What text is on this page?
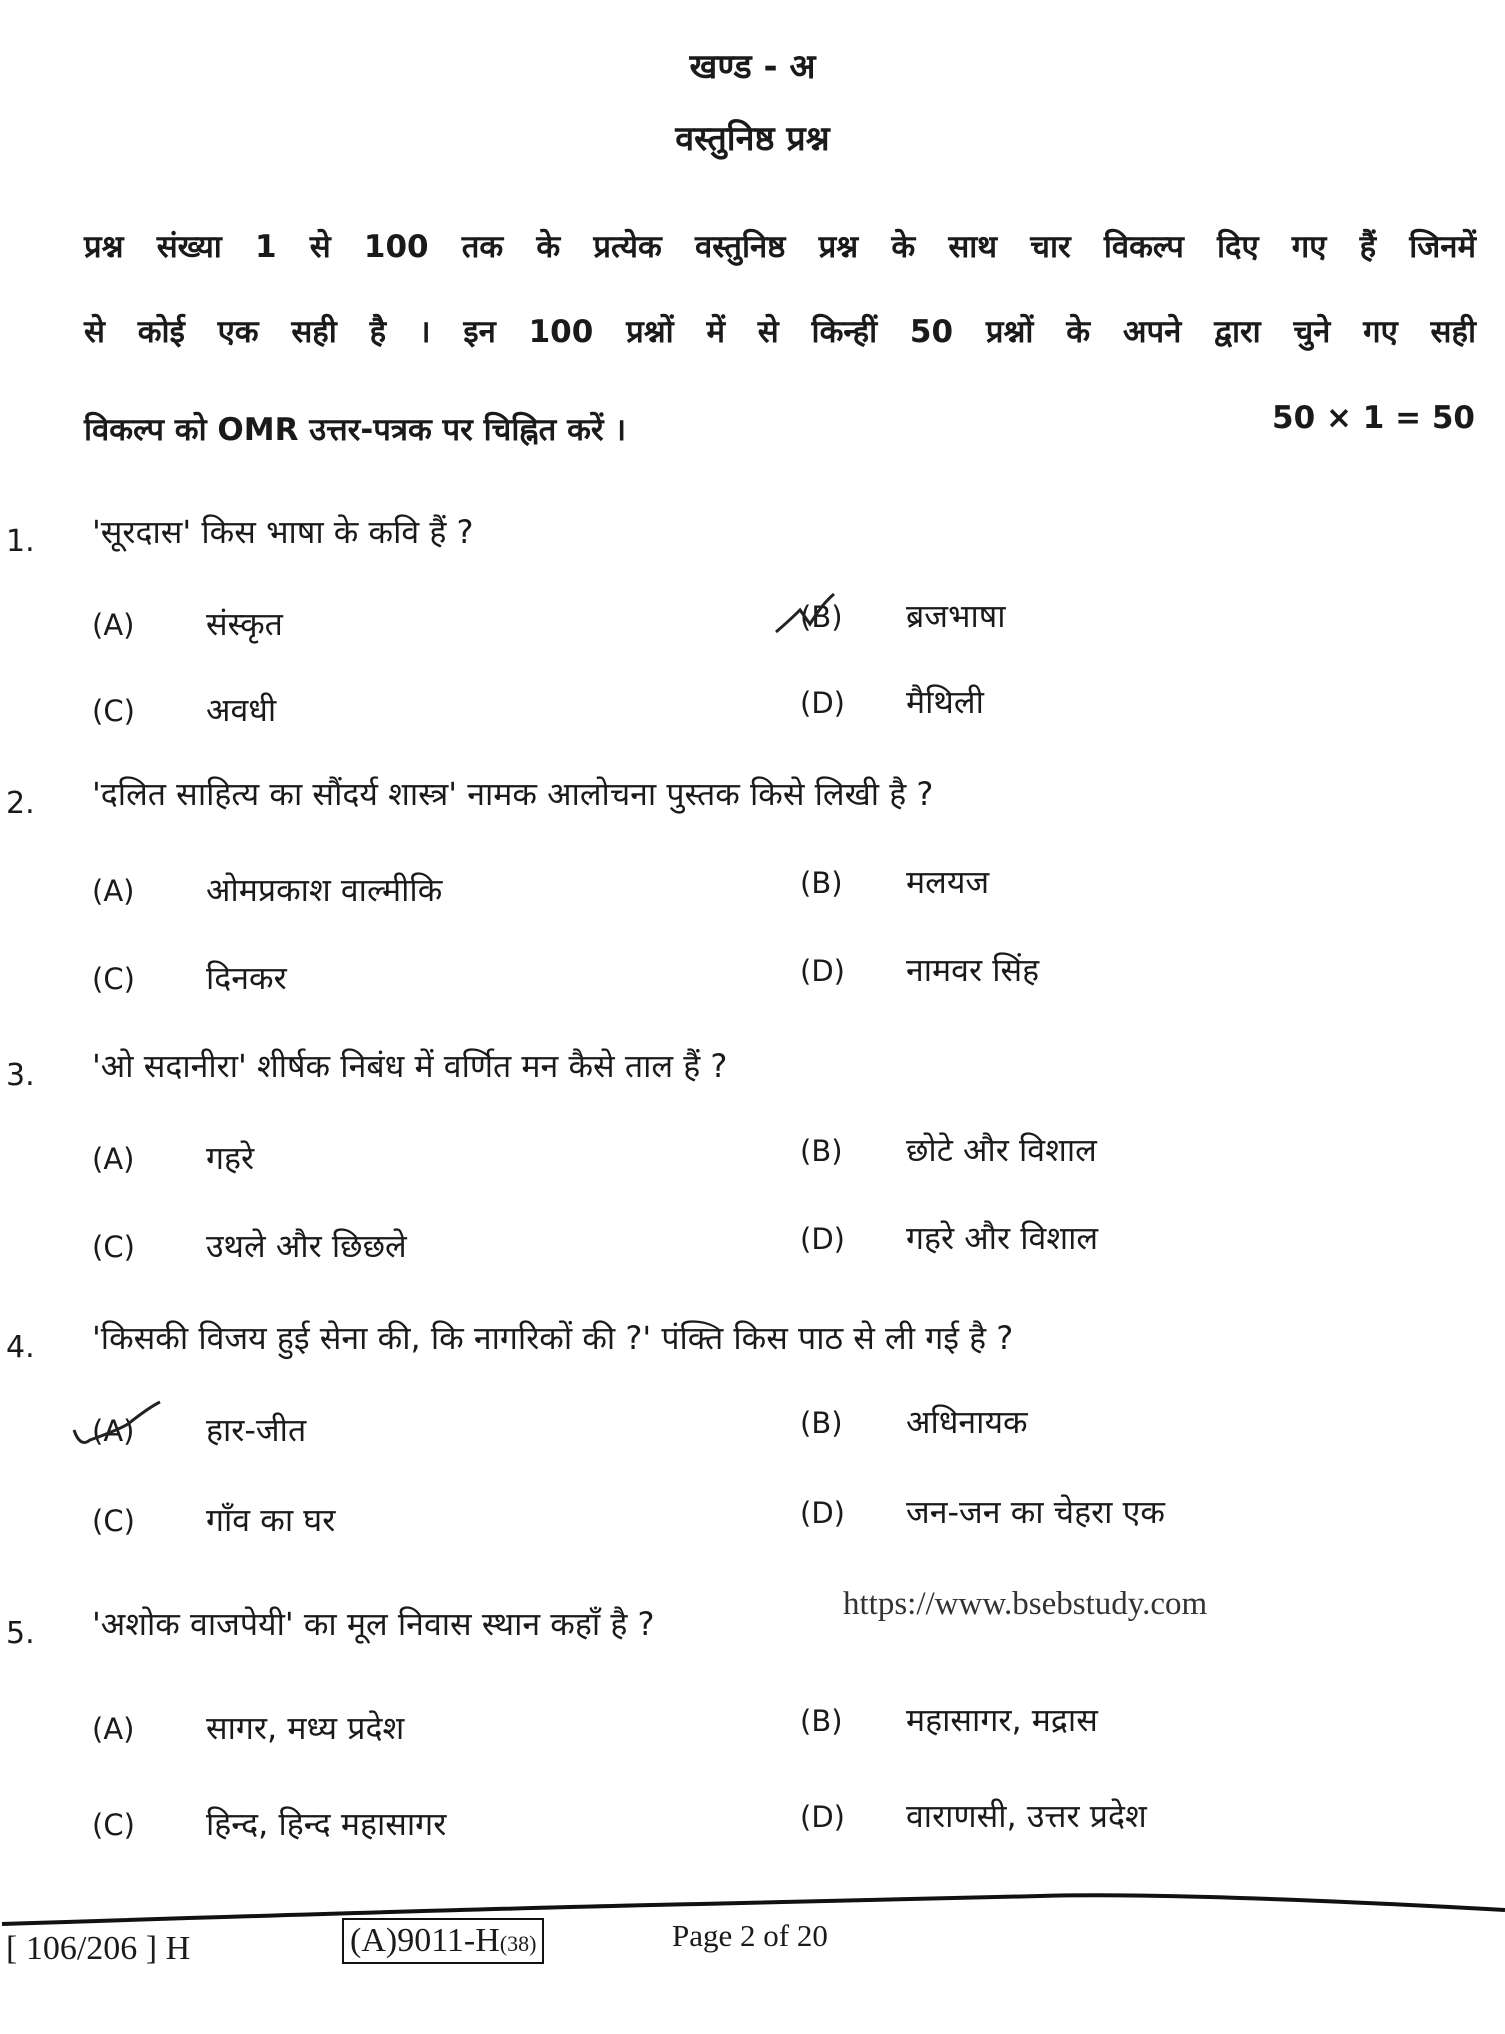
खण्ड - अ
वस्तुनिष्ठ प्रश्न
प्रश्न संख्या 1 से 100 तक के प्रत्येक वस्तुनिष्ठ प्रश्न के साथ चार विकल्प दिए गए हैं जिनमें
से कोई एक सही है । इन 100 प्रश्नों में से किन्हीं 50 प्रश्नों के अपने द्वारा चुने गए सही
विकल्प को OMR उत्तर-पत्रक पर चिह्नित करें ।	50 × 1 = 50
1. 'सूरदास' किस भाषा के कवि हैं ?
(A) संस्कृत	(B) ब्रजभाषा
(C) अवधी	(D) मैथिली
2. 'दलित साहित्य का सौंदर्य शास्त्र' नामक आलोचना पुस्तक किसे लिखी है ?
(A) ओमप्रकाश वाल्मीकि	(B) मलयज
(C) दिनकर	(D) नामवर सिंह
3. 'ओ सदानीरा' शीर्षक निबंध में वर्णित मन कैसे ताल हैं ?
(A) गहरे	(B) छोटे और विशाल
(C) उथले और छिछले	(D) गहरे और विशाल
4. 'किसकी विजय हुई सेना की, कि नागरिकों की ?' पंक्ति किस पाठ से ली गई है ?
(A) हार-जीत	(B) अधिनायक
(C) गाँव का घर	(D) जन-जन का चेहरा एक
5. 'अशोक वाजपेयी' का मूल निवास स्थान कहाँ है ?
(A) सागर, मध्य प्रदेश	(B) महासागर, मद्रास
(C) हिन्द, हिन्द महासागर	(D) वाराणसी, उत्तर प्रदेश
https://www.bsebstudy.com
[ 106/206 ] H	(A)9011-H(38)	Page 2 of 20
